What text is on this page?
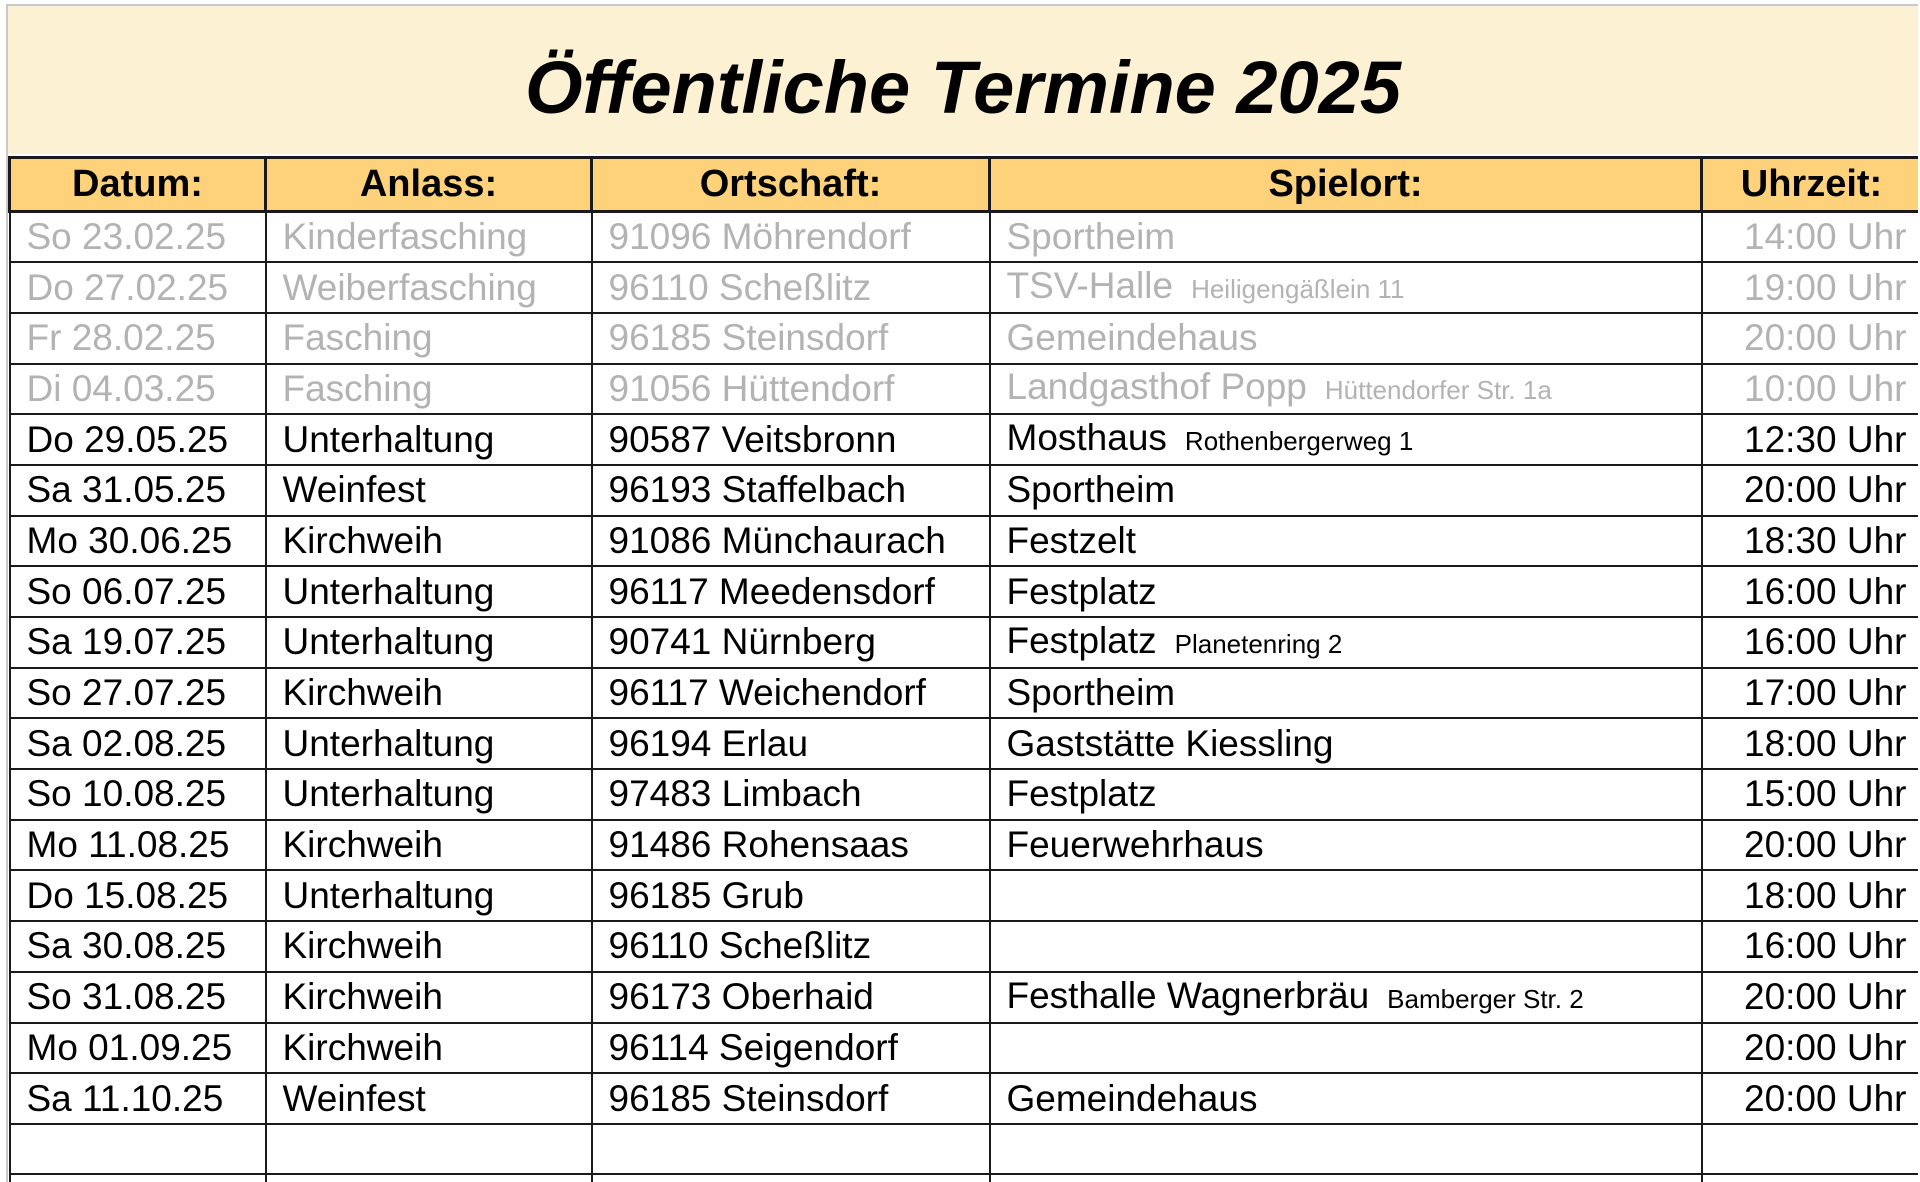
Öffentliche Termine 2025
Datum:	Anlass:	Ortschaft:	Spielort:	Uhrzeit:
So 23.02.25	Kinderfasching	91096 Möhrendorf	Sportheim	14:00 Uhr
Do 27.02.25	Weiberfasching	96110 Scheßlitz	TSV-Halle Heiligengäßlein 11	19:00 Uhr
Fr 28.02.25	Fasching	96185 Steinsdorf	Gemeindehaus	20:00 Uhr
Di 04.03.25	Fasching	91056 Hüttendorf	Landgasthof Popp Hüttendorfer Str. 1a	10:00 Uhr
Do 29.05.25	Unterhaltung	90587 Veitsbronn	Mosthaus Rothenbergerweg 1	12:30 Uhr
Sa 31.05.25	Weinfest	96193 Staffelbach	Sportheim	20:00 Uhr
Mo 30.06.25	Kirchweih	91086 Münchaurach	Festzelt	18:30 Uhr
So 06.07.25	Unterhaltung	96117 Meedensdorf	Festplatz	16:00 Uhr
Sa 19.07.25	Unterhaltung	90741 Nürnberg	Festplatz Planetenring 2	16:00 Uhr
So 27.07.25	Kirchweih	96117 Weichendorf	Sportheim	17:00 Uhr
Sa 02.08.25	Unterhaltung	96194 Erlau	Gaststätte Kiessling	18:00 Uhr
So 10.08.25	Unterhaltung	97483 Limbach	Festplatz	15:00 Uhr
Mo 11.08.25	Kirchweih	91486 Rohensaas	Feuerwehrhaus	20:00 Uhr
Do 15.08.25	Unterhaltung	96185 Grub		18:00 Uhr
Sa 30.08.25	Kirchweih	96110 Scheßlitz		16:00 Uhr
So 31.08.25	Kirchweih	96173 Oberhaid	Festhalle Wagnerbräu Bamberger Str. 2	20:00 Uhr
Mo 01.09.25	Kirchweih	96114 Seigendorf		20:00 Uhr
Sa 11.10.25	Weinfest	96185 Steinsdorf	Gemeindehaus	20:00 Uhr
